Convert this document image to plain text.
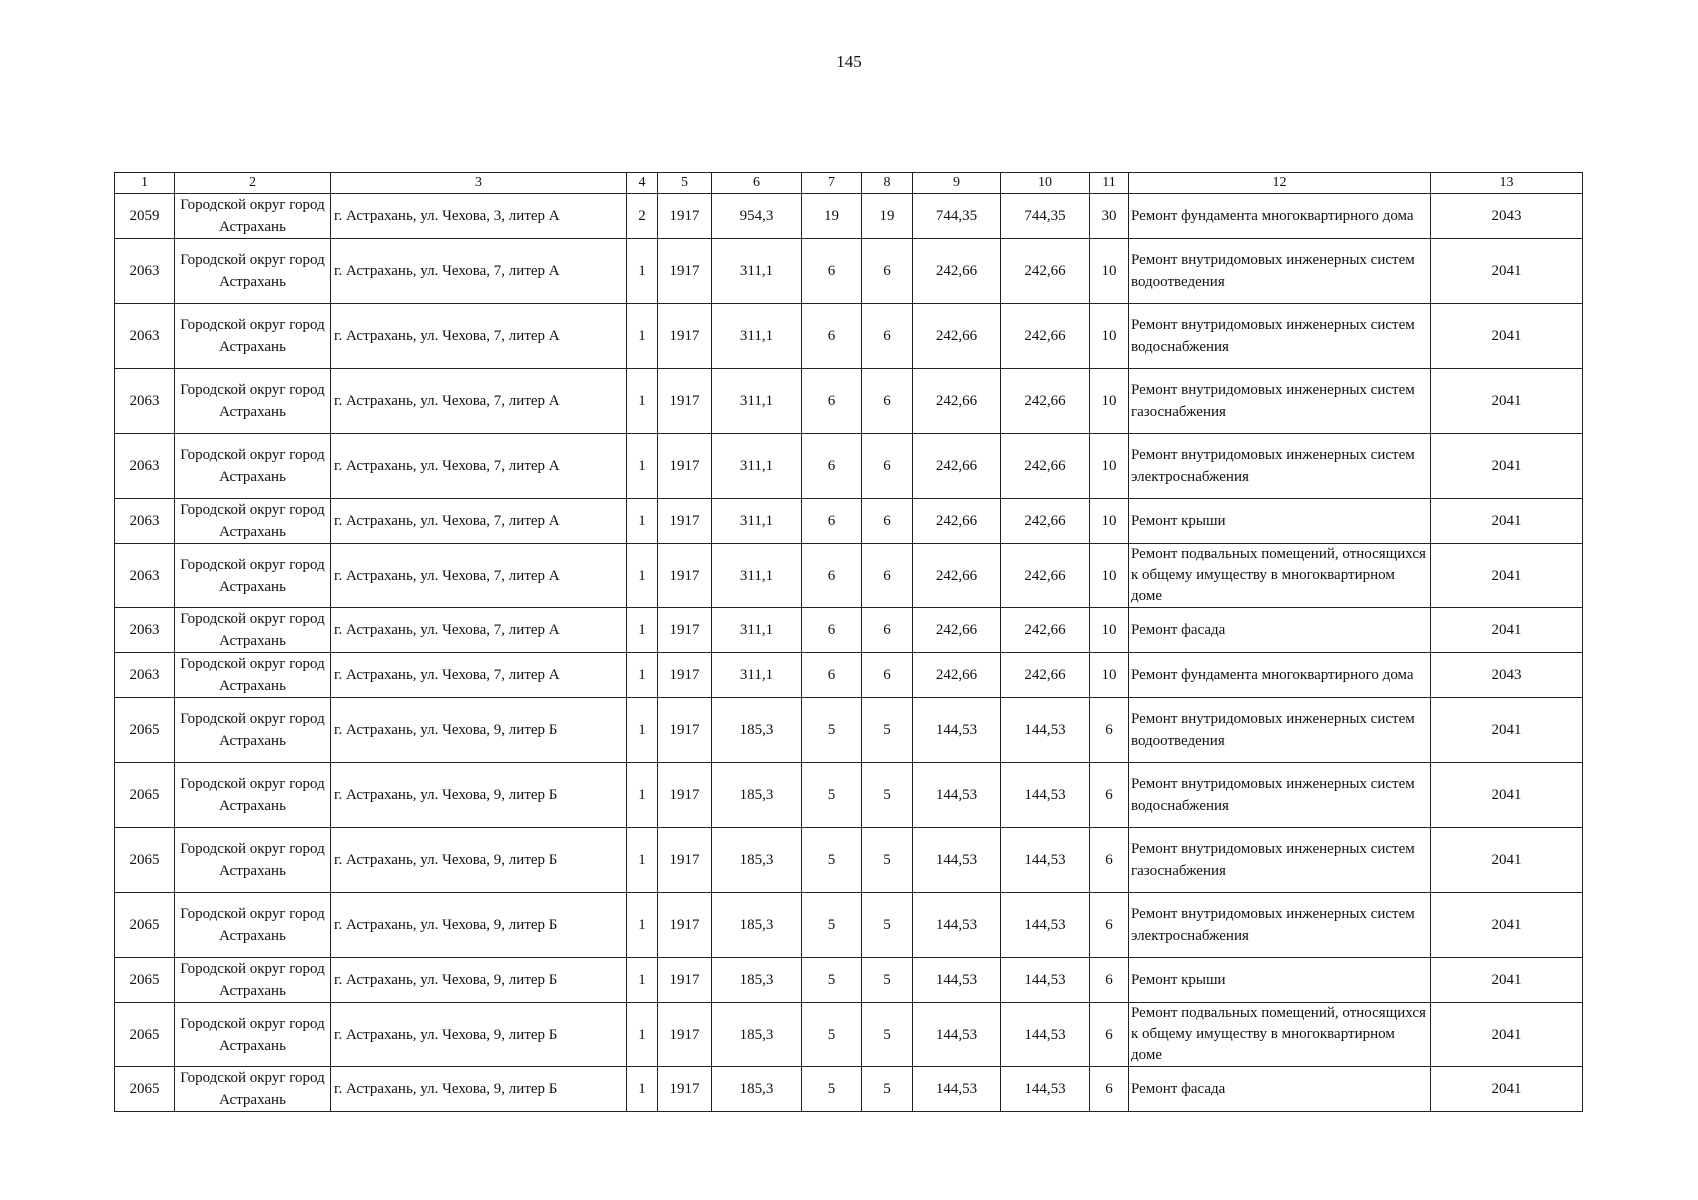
145
1	2	3	4	5	6	7	8	9	10	11	12	13
2059	Городской округ город Астрахань	г. Астрахань, ул. Чехова, 3, литер А	2	1917	954,3	19	19	744,35	744,35	30	Ремонт фундамента многоквартирного дома	2043
2063	Городской округ город Астрахань	г. Астрахань, ул. Чехова, 7, литер А	1	1917	311,1	6	6	242,66	242,66	10	Ремонт внутридомовых инженерных систем водоотведения	2041
2063	Городской округ город Астрахань	г. Астрахань, ул. Чехова, 7, литер А	1	1917	311,1	6	6	242,66	242,66	10	Ремонт внутридомовых инженерных систем водоснабжения	2041
2063	Городской округ город Астрахань	г. Астрахань, ул. Чехова, 7, литер А	1	1917	311,1	6	6	242,66	242,66	10	Ремонт внутридомовых инженерных систем газоснабжения	2041
2063	Городской округ город Астрахань	г. Астрахань, ул. Чехова, 7, литер А	1	1917	311,1	6	6	242,66	242,66	10	Ремонт внутридомовых инженерных систем электроснабжения	2041
2063	Городской округ город Астрахань	г. Астрахань, ул. Чехова, 7, литер А	1	1917	311,1	6	6	242,66	242,66	10	Ремонт крыши	2041
2063	Городской округ город Астрахань	г. Астрахань, ул. Чехова, 7, литер А	1	1917	311,1	6	6	242,66	242,66	10	Ремонт подвальных помещений, относящихся к общему имуществу в многоквартирном доме	2041
2063	Городской округ город Астрахань	г. Астрахань, ул. Чехова, 7, литер А	1	1917	311,1	6	6	242,66	242,66	10	Ремонт фасада	2041
2063	Городской округ город Астрахань	г. Астрахань, ул. Чехова, 7, литер А	1	1917	311,1	6	6	242,66	242,66	10	Ремонт фундамента многоквартирного дома	2043
2065	Городской округ город Астрахань	г. Астрахань, ул. Чехова, 9, литер Б	1	1917	185,3	5	5	144,53	144,53	6	Ремонт внутридомовых инженерных систем водоотведения	2041
2065	Городской округ город Астрахань	г. Астрахань, ул. Чехова, 9, литер Б	1	1917	185,3	5	5	144,53	144,53	6	Ремонт внутридомовых инженерных систем водоснабжения	2041
2065	Городской округ город Астрахань	г. Астрахань, ул. Чехова, 9, литер Б	1	1917	185,3	5	5	144,53	144,53	6	Ремонт внутридомовых инженерных систем газоснабжения	2041
2065	Городской округ город Астрахань	г. Астрахань, ул. Чехова, 9, литер Б	1	1917	185,3	5	5	144,53	144,53	6	Ремонт внутридомовых инженерных систем электроснабжения	2041
2065	Городской округ город Астрахань	г. Астрахань, ул. Чехова, 9, литер Б	1	1917	185,3	5	5	144,53	144,53	6	Ремонт крыши	2041
2065	Городской округ город Астрахань	г. Астрахань, ул. Чехова, 9, литер Б	1	1917	185,3	5	5	144,53	144,53	6	Ремонт подвальных помещений, относящихся к общему имуществу в многоквартирном доме	2041
2065	Городской округ город Астрахань	г. Астрахань, ул. Чехова, 9, литер Б	1	1917	185,3	5	5	144,53	144,53	6	Ремонт фасада	2041
